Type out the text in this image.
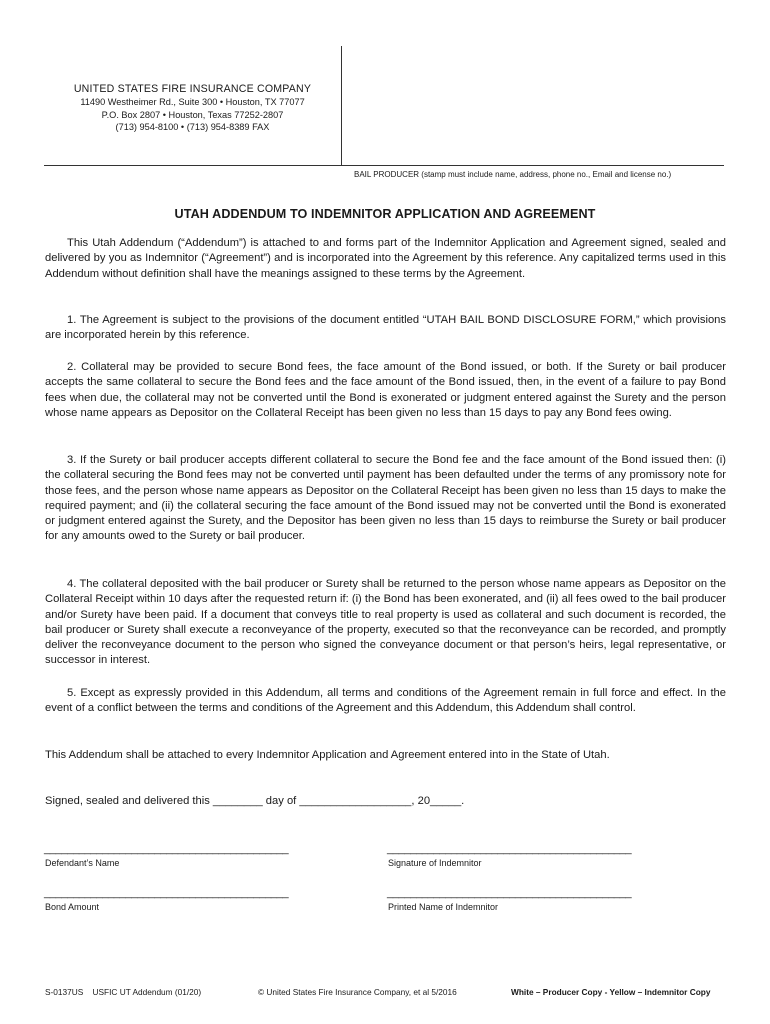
UNITED STATES FIRE INSURANCE COMPANY
11490 Westheimer Rd., Suite 300 • Houston, TX 77077
P.O. Box 2807 • Houston, Texas 77252-2807
(713) 954-8100 • (713) 954-8389 FAX
BAIL PRODUCER (stamp must include name, address, phone no., Email and license no.)
UTAH ADDENDUM TO INDEMNITOR APPLICATION AND AGREEMENT

This Utah Addendum (“Addendum”) is attached to and forms part of the Indemnitor Application and Agreement signed, sealed and delivered by you as Indemnitor (“Agreement”) and is incorporated into the Agreement by this reference. Any capitalized terms used in this Addendum without definition shall have the meanings assigned to these terms by the Agreement.

1. The Agreement is subject to the provisions of the document entitled “UTAH BAIL BOND DISCLOSURE FORM,” which provisions are incorporated herein by this reference.

2. Collateral may be provided to secure Bond fees, the face amount of the Bond issued, or both. If the Surety or bail producer accepts the same collateral to secure the Bond fees and the face amount of the Bond issued, then, in the event of a failure to pay Bond fees when due, the collateral may not be converted until the Bond is exonerated or judgment entered against the Surety and the person whose name appears as Depositor on the Collateral Receipt has been given no less than 15 days to pay any Bond fees owing.

3. If the Surety or bail producer accepts different collateral to secure the Bond fee and the face amount of the Bond issued then: (i) the collateral securing the Bond fees may not be converted until payment has been defaulted under the terms of any promissory note for those fees, and the person whose name appears as Depositor on the Collateral Receipt has been given no less than 15 days to make the required payment; and (ii) the collateral securing the face amount of the Bond issued may not be converted until the Bond is exonerated or judgment entered against the Surety, and the Depositor has been given no less than 15 days to reimburse the Surety or bail producer for any amounts owed to the Surety or bail producer.

4. The collateral deposited with the bail producer or Surety shall be returned to the person whose name appears as Depositor on the Collateral Receipt within 10 days after the requested return if: (i) the Bond has been exonerated, and (ii) all fees owed to the bail producer and/or Surety have been paid. If a document that conveys title to real property is used as collateral and such document is recorded, the bail producer or Surety shall execute a reconveyance of the property, executed so that the reconveyance can be recorded, and promptly deliver the reconveyance document to the person who signed the conveyance document or that person’s heirs, legal representative, or successor in interest.

5. Except as expressly provided in this Addendum, all terms and conditions of the Agreement remain in full force and effect. In the event of a conflict between the terms and conditions of the Agreement and this Addendum, this Addendum shall control.

This Addendum shall be attached to every Indemnitor Application and Agreement entered into in the State of Utah.

Signed, sealed and delivered this ________ day of __________________, 20_____.
__________________________________________
Defendant’s Name
__________________________________________
Signature of Indemnitor
__________________________________________
Bond Amount
__________________________________________
Printed Name of Indemnitor
S-0137US    USFIC UT Addendum (01/20)	© United States Fire Insurance Company, et al 5/2016	White – Producer Copy - Yellow – Indemnitor Copy
